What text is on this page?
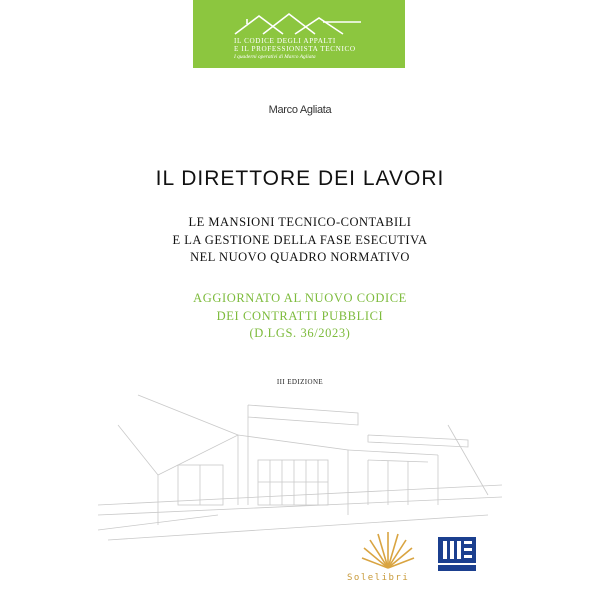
IL CODICE DEGLI APPALTI
E IL PROFESSIONISTA TECNICO
I quaderni operativi di Marco Agliata
Marco Agliata
IL DIRETTORE DEI LAVORI
LE MANSIONI TECNICO-CONTABILI
E LA GESTIONE DELLA FASE ESECUTIVA
NEL NUOVO QUADRO NORMATIVO
AGGIORNATO AL NUOVO CODICE
DEI CONTRATTI PUBBLICI
(D.LGS. 36/2023)
III EDIZIONE
Solelibri
